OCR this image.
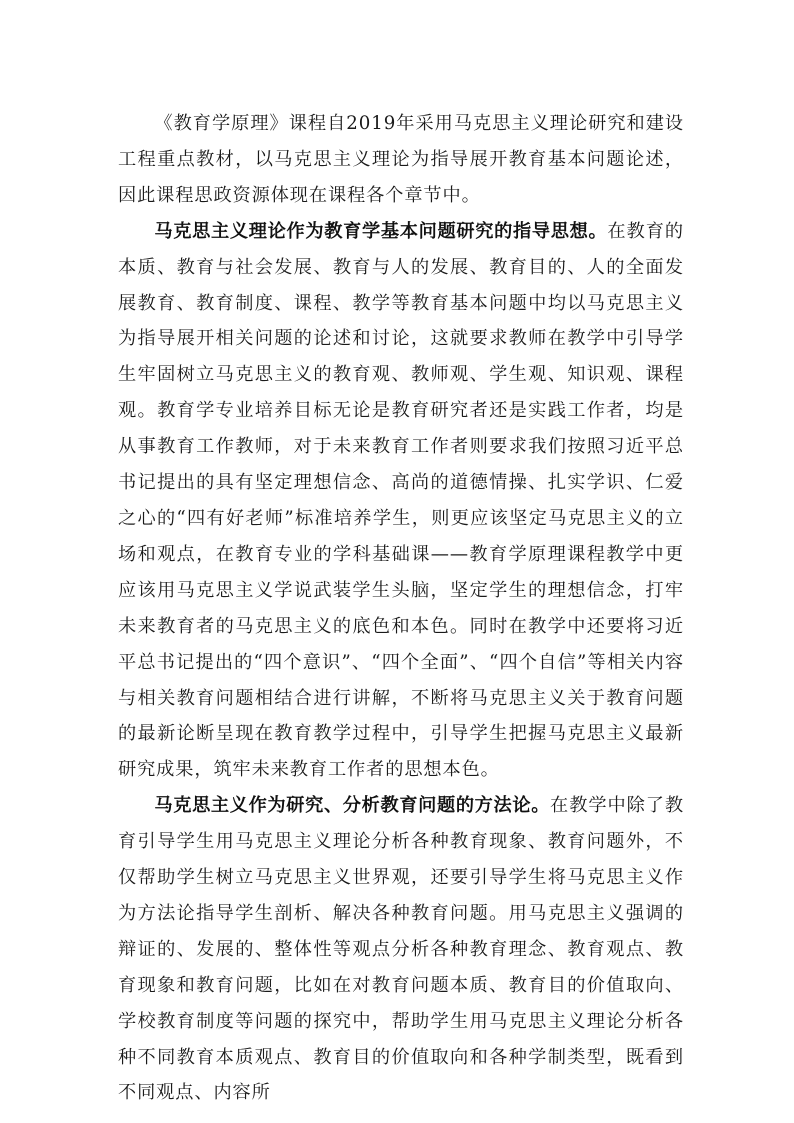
《教育学原理》课程自2019年采用马克思主义理论研究和建设工程重点教材，以马克思主义理论为指导展开教育基本问题论述，因此课程思政资源体现在课程各个章节中。

马克思主义理论作为教育学基本问题研究的指导思想。在教育的本质、教育与社会发展、教育与人的发展、教育目的、人的全面发展教育、教育制度、课程、教学等教育基本问题中均以马克思主义为指导展开相关问题的论述和讨论，这就要求教师在教学中引导学生牢固树立马克思主义的教育观、教师观、学生观、知识观、课程观。教育学专业培养目标无论是教育研究者还是实践工作者，均是从事教育工作教师，对于未来教育工作者则要求我们按照习近平总书记提出的具有坚定理想信念、高尚的道德情操、扎实学识、仁爱之心的“四有好老师”标准培养学生，则更应该坚定马克思主义的立场和观点，在教育专业的学科基础课——教育学原理课程教学中更应该用马克思主义学说武装学生头脑，坚定学生的理想信念，打牢未来教育者的马克思主义的底色和本色。同时在教学中还要将习近平总书记提出的“四个意识”、“四个全面”、“四个自信”等相关内容与相关教育问题相结合进行讲解，不断将马克思主义关于教育问题的最新论断呈现在教育教学过程中，引导学生把握马克思主义最新研究成果，筑牢未来教育工作者的思想本色。

马克思主义作为研究、分析教育问题的方法论。在教学中除了教育引导学生用马克思主义理论分析各种教育现象、教育问题外，不仅帮助学生树立马克思主义世界观，还要引导学生将马克思主义作为方法论指导学生剖析、解决各种教育问题。用马克思主义强调的辩证的、发展的、整体性等观点分析各种教育理念、教育观点、教育现象和教育问题，比如在对教育问题本质、教育目的价值取向、学校教育制度等问题的探究中，帮助学生用马克思主义理论分析各种不同教育本质观点、教育目的价值取向和各种学制类型，既看到不同观点、内容所
